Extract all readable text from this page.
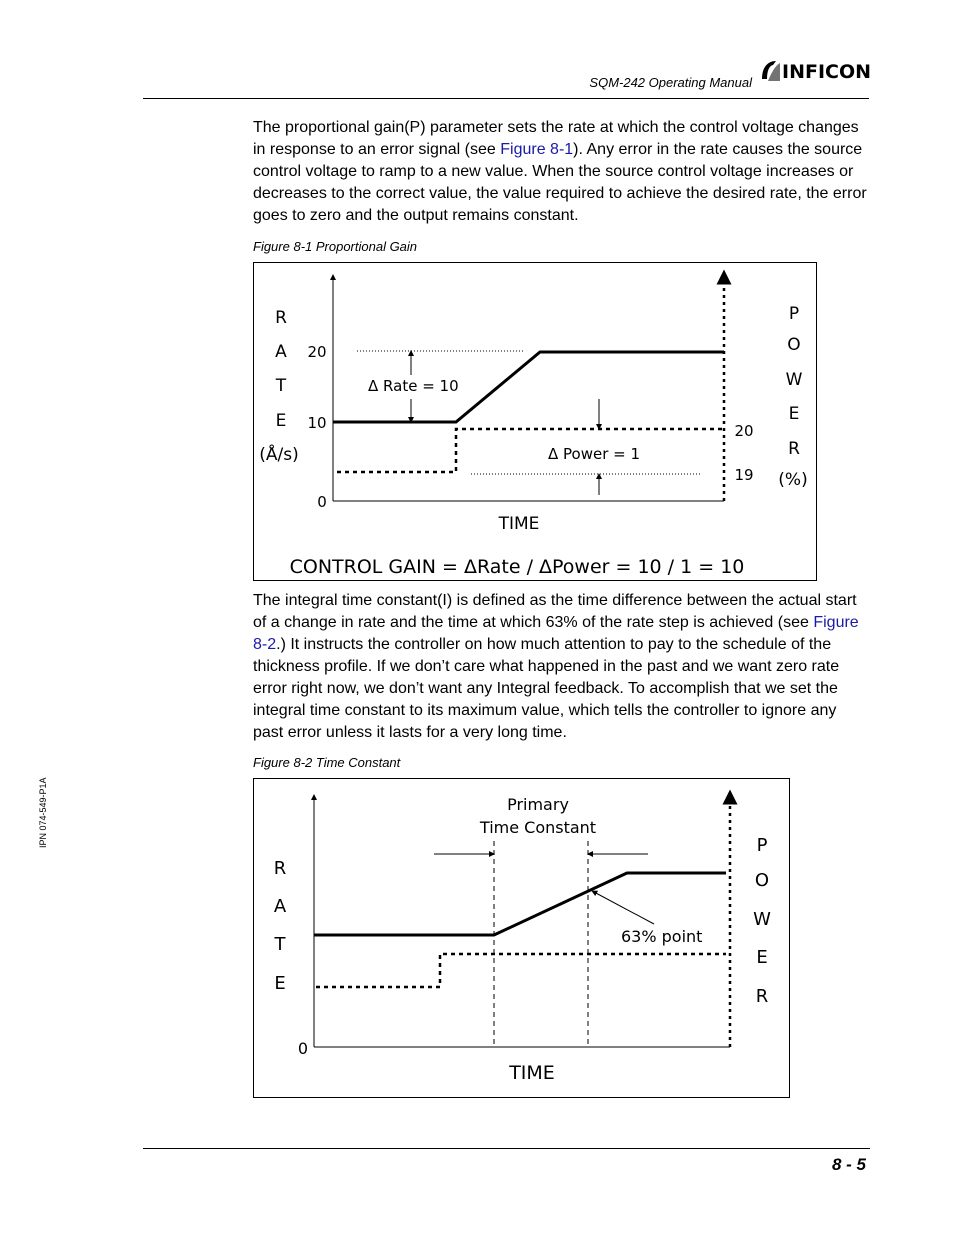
SQM-242 Operating Manual INFICON
The proportional gain(P) parameter sets the rate at which the control voltage changes in response to an error signal (see Figure 8-1). Any error in the rate causes the source control voltage to ramp to a new value. When the source control voltage increases or decreases to the correct value, the value required to achieve the desired rate, the error goes to zero and the output remains constant.
Figure 8-1 Proportional Gain
R
A
T
E
(Å/s)
20
10
0
P
O
W
E
R
(%)
20
19
Δ Rate = 10
Δ Power = 1
TIME
CONTROL GAIN = ΔRate / ΔPower = 10 / 1 = 10
The integral time constant(I) is defined as the time difference between the actual start of a change in rate and the time at which 63% of the rate step is achieved (see Figure 8-2.) It instructs the controller on how much attention to pay to the schedule of the thickness profile. If we don’t care what happened in the past and we want zero rate error right now, we don’t want any Integral feedback. To accomplish that we set the integral time constant to its maximum value, which tells the controller to ignore any past error unless it lasts for a very long time.
Figure 8-2 Time Constant
Primary
Time Constant
63% point
R
A
T
E
0
P
O
W
E
R
TIME
IPN 074-549-P1A
8 - 5
